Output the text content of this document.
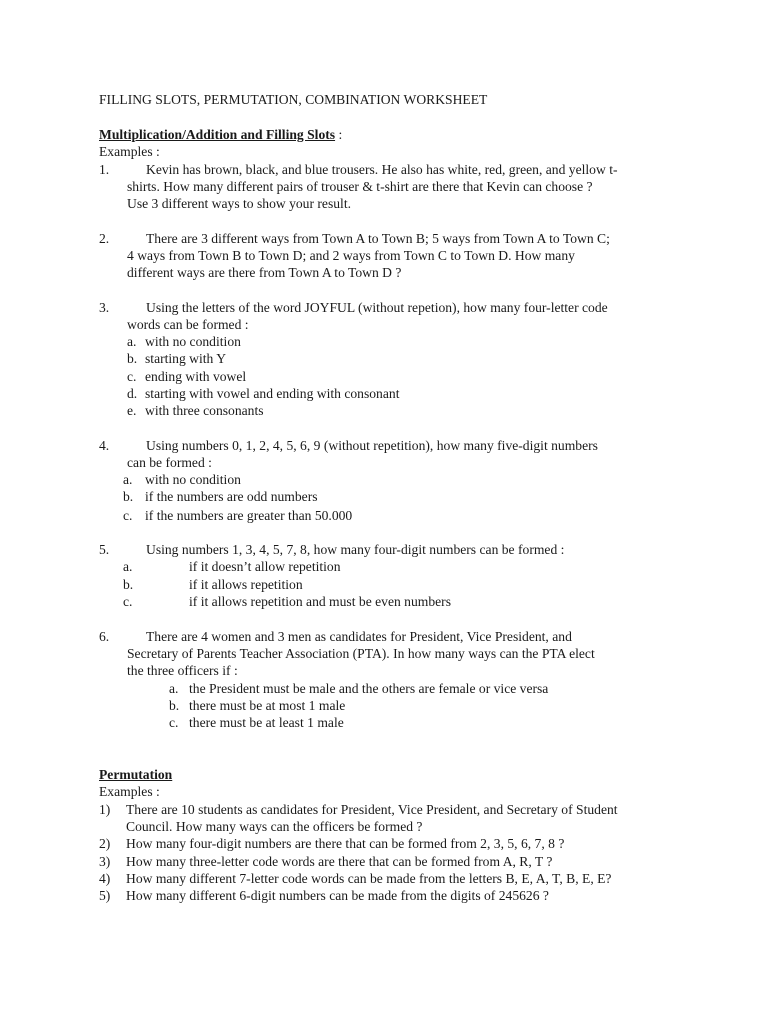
FILLING SLOTS, PERMUTATION, COMBINATION WORKSHEET
Multiplication/Addition and Filling Slots :
Examples :
1.	Kevin has brown, black, and blue trousers. He also has white, red, green, and yellow t-
shirts. How many different pairs of trouser & t-shirt are there that Kevin can choose ?
Use 3 different ways to show your result.
2.	There are 3 different ways from Town A to Town B; 5 ways from Town A to Town C;
4 ways from Town B to Town D; and 2 ways from Town C to Town D. How many
different ways are there from Town A to Town D ?
3.	Using the letters of the word JOYFUL (without repetion), how many four-letter code
words can be formed :
a. with no condition
b. starting with Y
c. ending with vowel
d. starting with vowel and ending with consonant
e. with three consonants
4.	Using numbers 0, 1, 2, 4, 5, 6, 9 (without repetition), how many five-digit numbers
can be formed :
a. with no condition
b. if the numbers are odd numbers
c. if the numbers are greater than 50.000
5.	Using numbers 1, 3, 4, 5, 7, 8, how many four-digit numbers can be formed :
a.	if it doesn’t allow repetition
b.	if it allows repetition
c.	if it allows repetition and must be even numbers
6.	There are 4 women and 3 men as candidates for President, Vice President, and
Secretary of Parents Teacher Association (PTA). In how many ways can the PTA elect
the three officers if :
a. the President must be male and the others are female or vice versa
b. there must be at most 1 male
c. there must be at least 1 male
Permutation
Examples :
1) There are 10 students as candidates for President, Vice President, and Secretary of Student
Council. How many ways can the officers be formed ?
2) How many four-digit numbers are there that can be formed from 2, 3, 5, 6, 7, 8 ?
3) How many three-letter code words are there that can be formed from A, R, T ?
4) How many different 7-letter code words can be made from the letters B, E, A, T, B, E, E?
5) How many different 6-digit numbers can be made from the digits of 245626 ?
